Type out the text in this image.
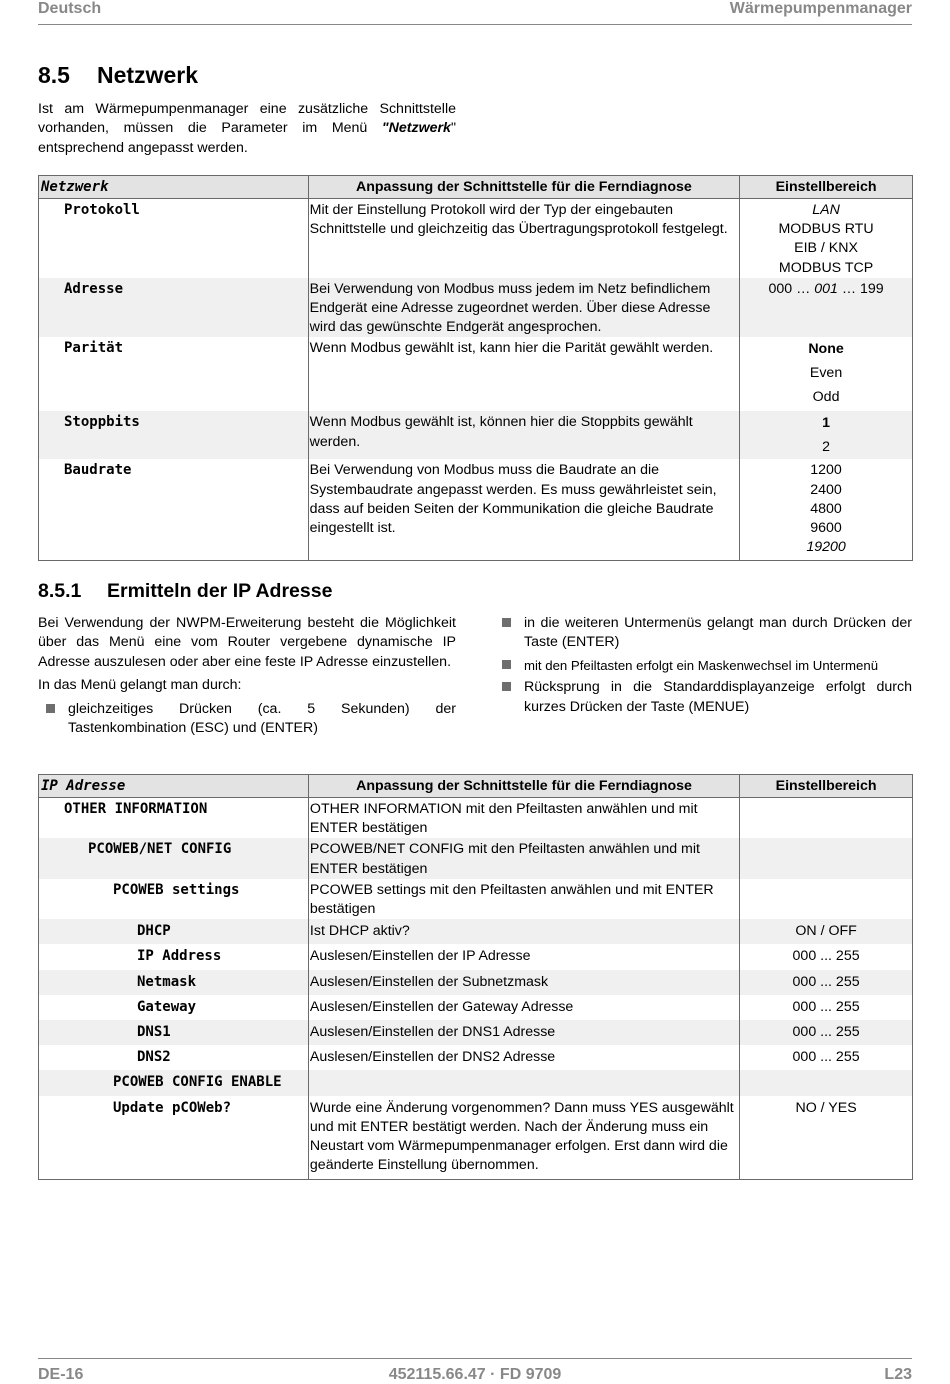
Deutsch	Wärmepumpenmanager
8.5 Netzwerk

Ist am Wärmepumpenmanager eine zusätzliche Schnittstelle vorhanden, müssen die Parameter im Menü "Netzwerk" entsprechend angepasst werden.

Netzwerk	Anpassung der Schnittstelle für die Ferndiagnose	Einstellbereich
Protokoll	Mit der Einstellung Protokoll wird der Typ der eingebauten Schnittstelle und gleichzeitig das Übertragungsprotokoll festgelegt.	LAN
MODBUS RTU
EIB / KNX
MODBUS TCP

Adresse	Bei Verwendung von Modbus muss jedem im Netz befindlichem Endgerät eine Adresse zugeordnet werden. Über diese Adresse wird das gewünschte Endgerät angesprochen.	000 … 001 … 199
Parität	Wenn Modbus gewählt ist, kann hier die Parität gewählt werden.	None
Even
Odd

Stoppbits	Wenn Modbus gewählt ist, können hier die Stoppbits gewählt werden.	1
2

Baudrate	Bei Verwendung von Modbus muss die Baudrate an die Systembaudrate angepasst werden. Es muss gewährleistet sein, dass auf beiden Seiten der Kommunikation die gleiche Baudrate eingestellt ist.	1200
2400
4800
9600
19200
8.5.1 Ermitteln der IP Adresse

Bei Verwendung der NWPM-Erweiterung besteht die Möglichkeit über das Menü eine vom Router vergebene dynamische IP Adresse auszulesen oder aber eine feste IP Adresse einzustellen.

In das Menü gelangt man durch:

gleichzeitiges Drücken (ca. 5 Sekunden) der Tastenkombination (ESC) und (ENTER)

in die weiteren Untermenüs gelangt man durch Drücken der Taste (ENTER)

mit den Pfeiltasten erfolgt ein Maskenwechsel im Untermenü

Rücksprung in die Standarddisplayanzeige erfolgt durch kurzes Drücken der Taste (MENUE)

IP Adresse	Anpassung der Schnittstelle für die Ferndiagnose	Einstellbereich
OTHER INFORMATION	OTHER INFORMATION mit den Pfeiltasten anwählen und mit ENTER bestätigen	
PCOWEB/NET CONFIG	PCOWEB/NET CONFIG mit den Pfeiltasten anwählen und mit ENTER bestätigen	
PCOWEB settings	PCOWEB settings mit den Pfeiltasten anwählen und mit ENTER bestätigen	
DHCP	Ist DHCP aktiv?	ON / OFF
IP Address	Auslesen/Einstellen der IP Adresse	000 ... 255
Netmask	Auslesen/Einstellen der Subnetzmask	000 ... 255
Gateway	Auslesen/Einstellen der Gateway Adresse	000 ... 255
DNS1	Auslesen/Einstellen der DNS1 Adresse	000 ... 255
DNS2	Auslesen/Einstellen der DNS2 Adresse	000 ... 255
PCOWEB CONFIG ENABLE		
Update pCOWeb?	Wurde eine Änderung vorgenommen? Dann muss YES ausgewählt und mit ENTER bestätigt werden. Nach der Änderung muss ein Neustart vom Wärmepumpenmanager erfolgen. Erst dann wird die geänderte Einstellung übernommen.	NO / YES
DE-16	452115.66.47 · FD 9709	L23
